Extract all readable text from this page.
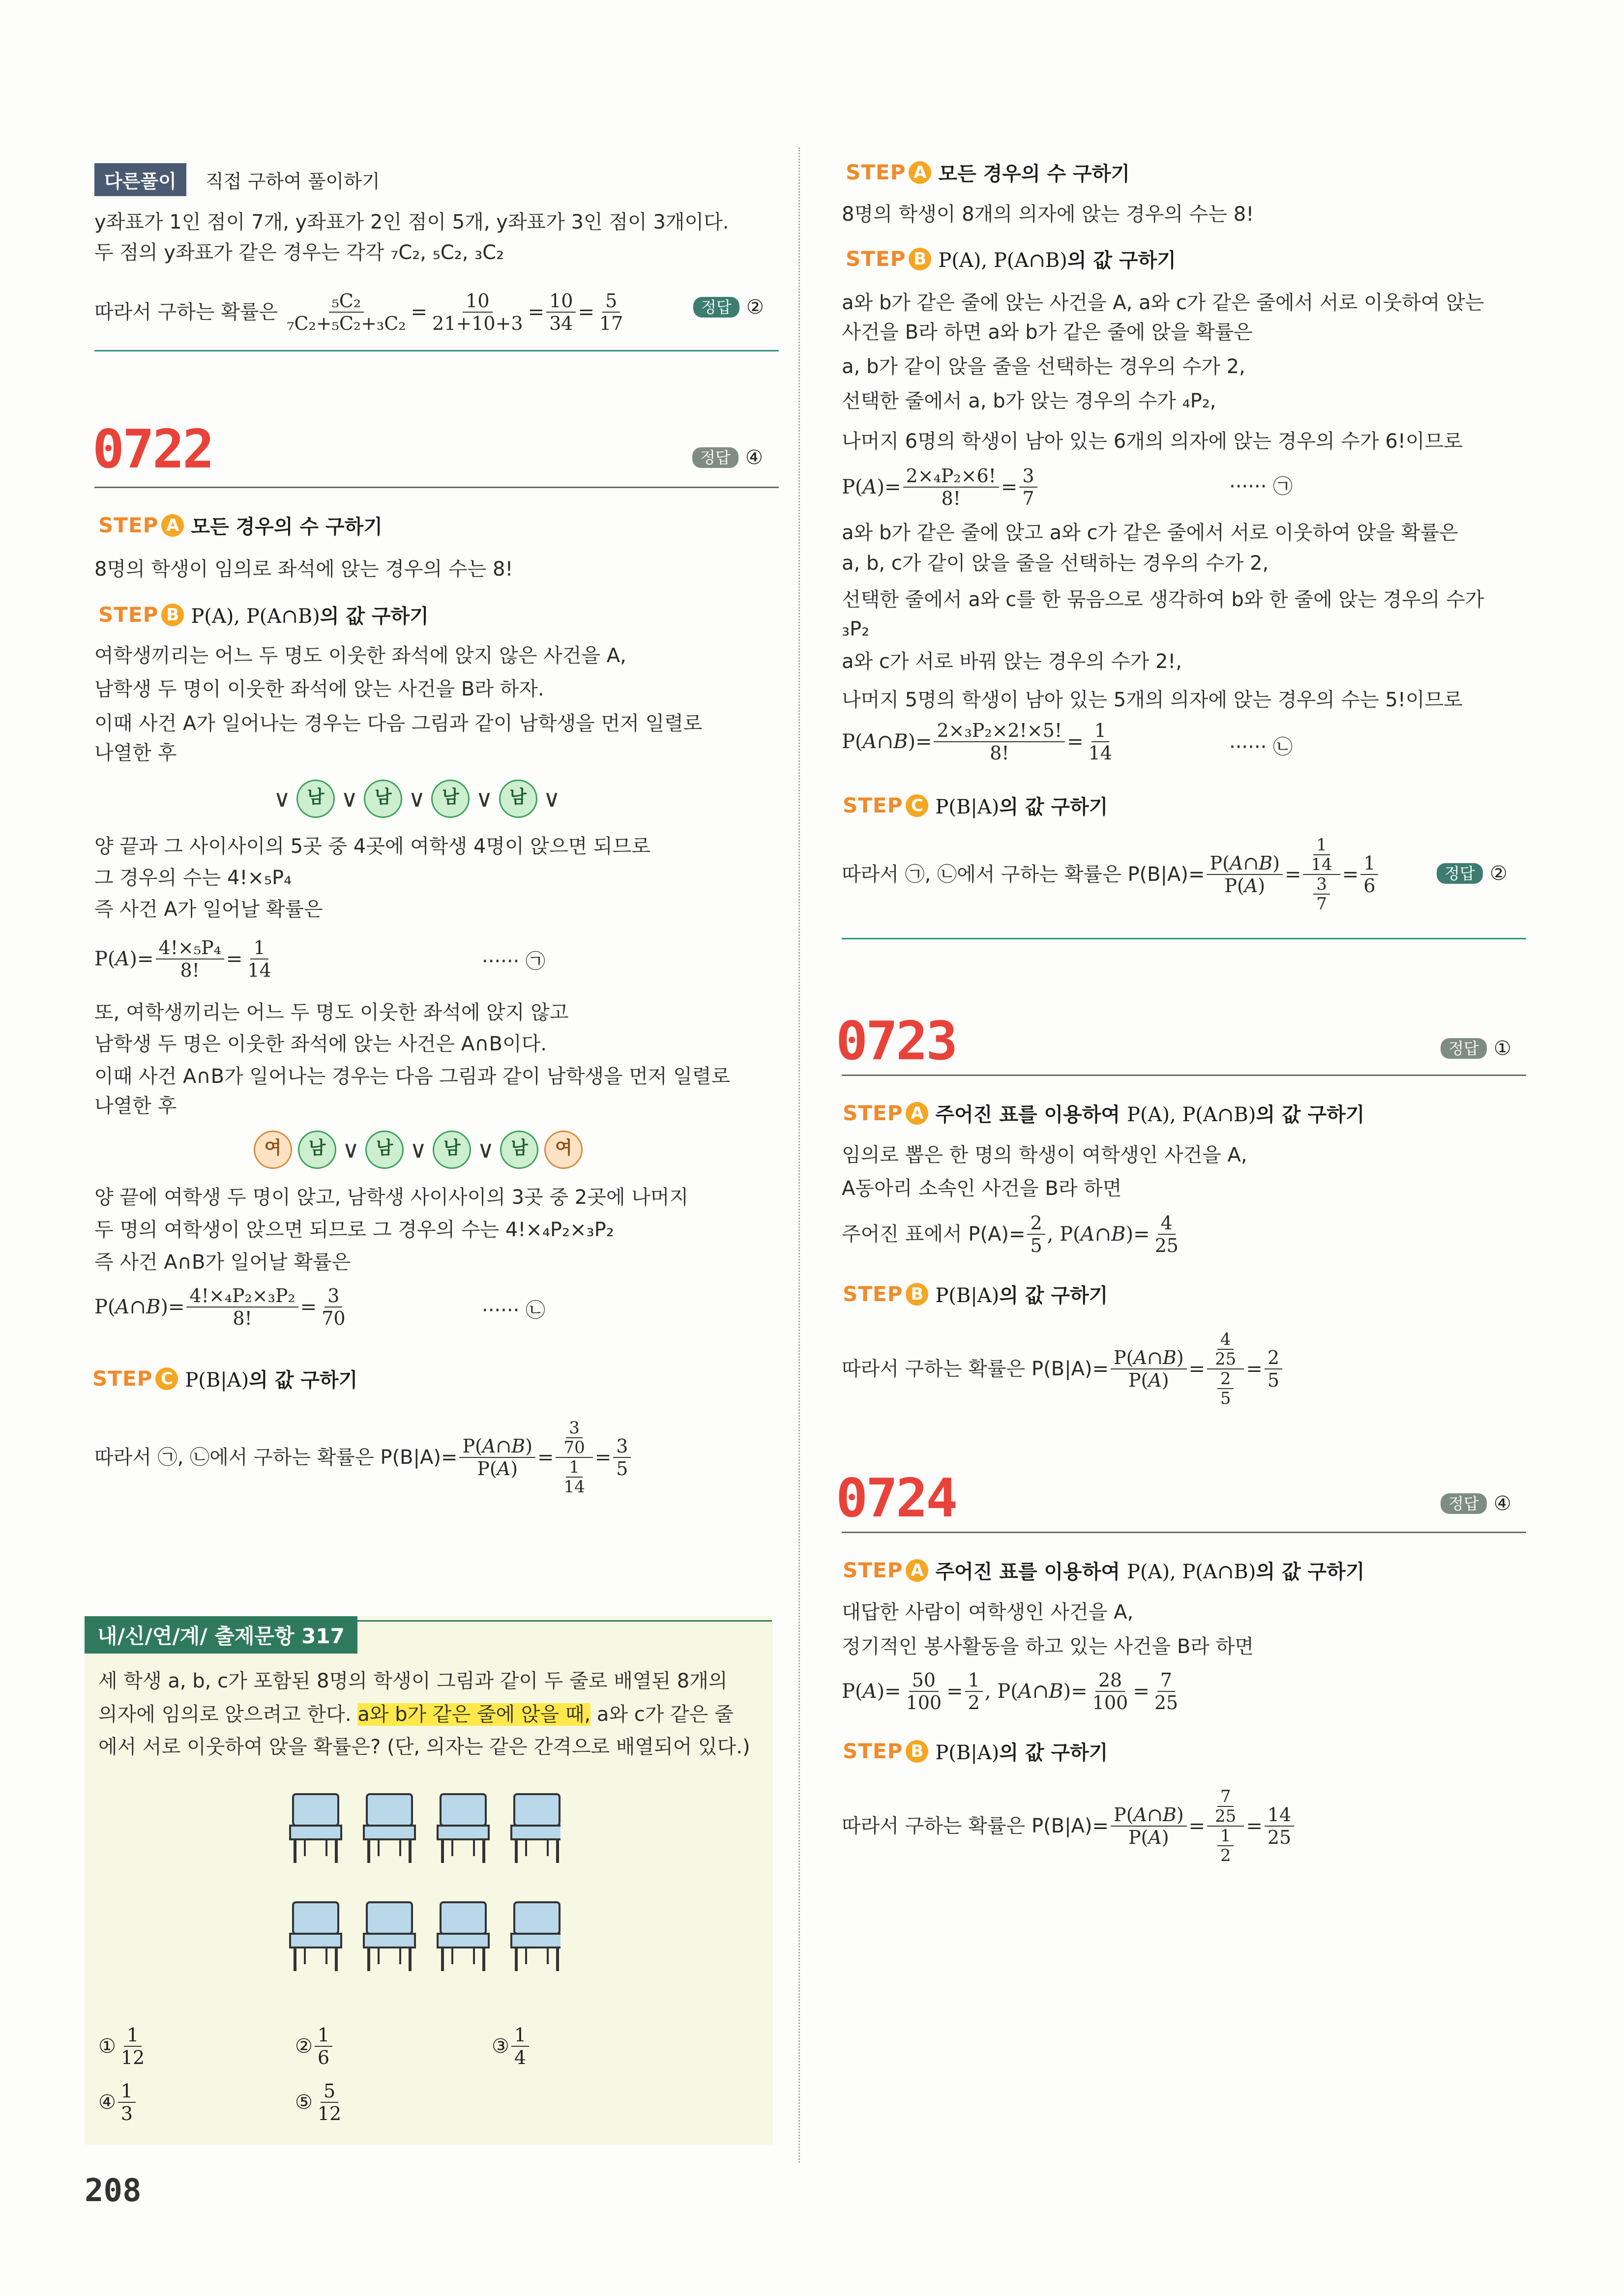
다른풀이	직접 구하여 풀이하기
y좌표가 1인 점이 7개, y좌표가 2인 점이 5개, y좌표가 3인 점이 3개이다.
두 점의 y좌표가 같은 경우는 각각 ₇C₂, ₅C₂, ₃C₂
따라서 구하는 확률은 $\frac{\text{₅C₂}}{\text{₇C₂+₅C₂+₃C₂}} = \frac{10}{21+10+3} = \frac{10}{34} = \frac{5}{17}$	정답 ②
0722	정답 ④
STEP A 모든 경우의 수 구하기
8명의 학생이 임의로 좌석에 앉는 경우의 수는 8!
STEP B P(A), P(A∩B)의 값 구하기
여학생끼리는 어느 두 명도 이웃한 좌석에 앉지 않은 사건을 A,
남학생 두 명이 이웃한 좌석에 앉는 사건을 B라 하자.
이때 사건 A가 일어나는 경우는 다음 그림과 같이 남학생을 먼저 일렬로
나열한 후
∨ 남 ∨ 남 ∨ 남 ∨ 남 ∨
양 끝과 그 사이사이의 5곳 중 4곳에 여학생 4명이 앉으면 되므로
그 경우의 수는 4!×₅P₄
즉 사건 A가 일어날 확률은
$P(A)= \frac{\text{4!×₅P₄}}{8!} = \frac{1}{14}$	······ ㉠
또, 여학생끼리는 어느 두 명도 이웃한 좌석에 앉지 않고
남학생 두 명은 이웃한 좌석에 앉는 사건은 A∩B이다.
이때 사건 A∩B가 일어나는 경우는 다음 그림과 같이 남학생을 먼저 일렬로
나열한 후
여	남 ∨ 남 ∨ 남 ∨ 남	여
양 끝에 여학생 두 명이 앉고, 남학생 사이사이의 3곳 중 2곳에 나머지
두 명의 여학생이 앉으면 되므로 그 경우의 수는 4!×₄P₂×₃P₂
즉 사건 A∩B가 일어날 확률은
P(A∩B)= $\frac{\text{4!×₄P₂×₃P₂}}{8!} = \frac{3}{70}$	······ ㉡
STEP C P(B|A)의 값 구하기
따라서 ㉠, ㉡에서 구하는 확률은 $P(B|A)= \frac{P(A\cap B)}{P(A)} = \frac{\frac{3}{70}}{\frac{1}{14}} = \frac{3}{5}$
내/신/연/계/ 출제문항 317
세 학생 a, b, c가 포함된 8명의 학생이 그림과 같이 두 줄로 배열된 8개의
의자에 임의로 앉으려고 한다. a와 b가 같은 줄에 앉을 때, a와 c가 같은 줄
에서 서로 이웃하여 앉을 확률은? (단, 의자는 같은 간격으로 배열되어 있다.)
① $\frac{1}{12}$	② $\frac{1}{6}$	③ $\frac{1}{4}$
④ $\frac{1}{3}$	⑤ $\frac{5}{12}$
208
STEP A 모든 경우의 수 구하기
8명의 학생이 8개의 의자에 앉는 경우의 수는 8!
STEP B P(A), P(A∩B)의 값 구하기
a와 b가 같은 줄에 앉는 사건을 A, a와 c가 같은 줄에서 서로 이웃하여 앉는
사건을 B라 하면 a와 b가 같은 줄에 앉을 확률은
a, b가 같이 앉을 줄을 선택하는 경우의 수가 2,
선택한 줄에서 a, b가 앉는 경우의 수가 ₄P₂,
나머지 6명의 학생이 남아 있는 6개의 의자에 앉는 경우의 수가 6!이므로
$P(A)= \frac{\text{2×₄P₂×6!}}{8!} = \frac{3}{7}$	······ ㉠
a와 b가 같은 줄에 앉고 a와 c가 같은 줄에서 서로 이웃하여 앉을 확률은
a, b, c가 같이 앉을 줄을 선택하는 경우의 수가 2,
선택한 줄에서 a와 c를 한 묶음으로 생각하여 b와 한 줄에 앉는 경우의 수가
₃P₂
a와 c가 서로 바꿔 앉는 경우의 수가 2!,
나머지 5명의 학생이 남아 있는 5개의 의자에 앉는 경우의 수는 5!이므로
P(A∩B)= $\frac{\text{2×₃P₂×2!×5!}}{8!} = \frac{1}{14}$	······ ㉡
STEP C P(B|A)의 값 구하기
따라서 ㉠, ㉡에서 구하는 확률은 $P(B|A)= \frac{P(A\cap B)}{P(A)} = \frac{\frac{1}{14}}{\frac{3}{7}} = \frac{1}{6}$	정답 ②
0723	정답 ①
STEP A 주어진 표를 이용하여 P(A), P(A∩B)의 값 구하기
임의로 뽑은 한 명의 학생이 여학생인 사건을 A,
A동아리 소속인 사건을 B라 하면
주어진 표에서 $P(A)= \frac{2}{5}$ , P(A∩B)= $\frac{4}{25}$
STEP B P(B|A)의 값 구하기
따라서 구하는 확률은 $P(B|A)= \frac{P(A\cap B)}{P(A)} = \frac{\frac{4}{25}}{\frac{2}{5}} = \frac{2}{5}$
0724	정답 ④
STEP A 주어진 표를 이용하여 P(A), P(A∩B)의 값 구하기
대답한 사람이 여학생인 사건을 A,
정기적인 봉사활동을 하고 있는 사건을 B라 하면
$P(A)= \frac{50}{100} = \frac{1}{2}$ , P(A∩B)= $\frac{28}{100} = \frac{7}{25}$
STEP B P(B|A)의 값 구하기
따라서 구하는 확률은 $P(B|A)= \frac{P(A\cap B)}{P(A)} = \frac{\frac{7}{25}}{\frac{1}{2}} = \frac{14}{25}$
